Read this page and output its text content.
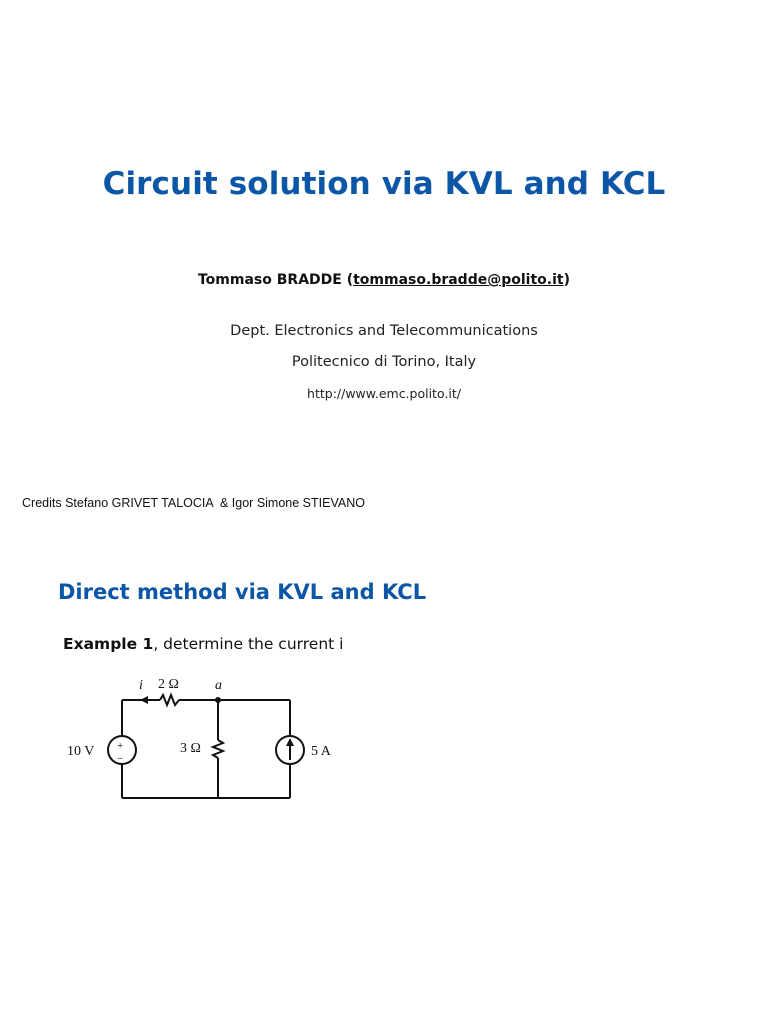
Circuit solution via KVL and KCL
Tommaso BRADDE (tommaso.bradde@polito.it)
Dept. Electronics and Telecommunications
Politecnico di Torino, Italy
http://www.emc.polito.it/
Credits Stefano GRIVET TALOCIA  & Igor Simone STIEVANO
Direct method via KVL and KCL
Example 1, determine the current i
i 2 Ω	a
10 V	3 Ω	5 A
+
−
